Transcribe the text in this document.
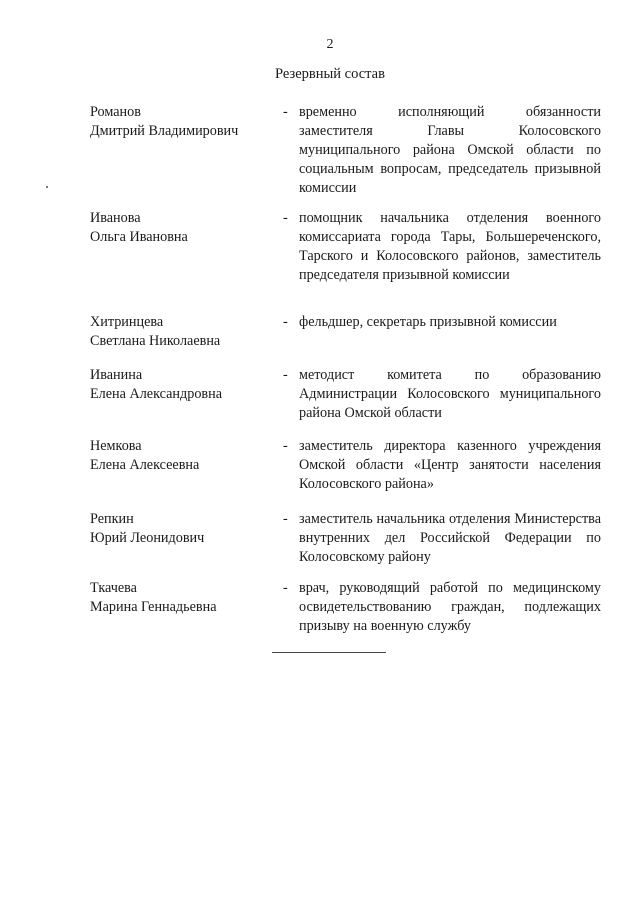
2
Резервный состав
Романов
Дмитрий Владимирович
- временно исполняющий обязанности заместителя Главы Колосовского муниципального района Омской области по социальным вопросам, председатель призывной комиссии
Иванова
Ольга Ивановна
- помощник начальника отделения военного комиссариата города Тары, Большереченского, Тарского и Колосовского районов, заместитель председателя призывной комиссии
Хитринцева
Светлана Николаевна
- фельдшер, секретарь призывной комиссии
Иванина
Елена Александровна
- методист комитета по образованию Администрации Колосовского муниципального района Омской области
Немкова
Елена Алексеевна
- заместитель директора казенного учреждения Омской области «Центр занятости населения Колосовского района»
Репкин
Юрий Леонидович
- заместитель начальника отделения Министерства внутренних дел Российской Федерации по Колосовскому району
Ткачева
Марина Геннадьевна
- врач, руководящий работой по медицинскому освидетельствованию граждан, подлежащих призыву на военную службу
